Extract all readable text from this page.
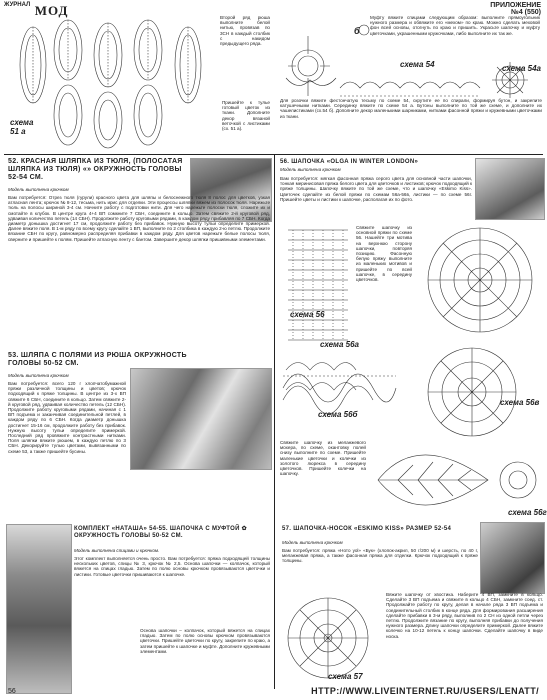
$^{ЖУРНАЛ}$ МОД	ПРИЛОЖЕНИЕ
№4 (550)
схема 51 а
Второй ряд рюша выполните белой нитью, провязав по 3СН в каждый столбик с накидом предыдущего ряда.
Пришейте к тулье готовый цветок из ткани. Дополните декор вязаной веточкой с листиками (сх. 51 а).
Муфту вяжите спицами следующим образом: выполните прямоугольник нужного размера и обвяжите его «мехом» по краю. Можно сделать меховой фон всей основы, отогнуть по краю и пришить. Украсьте шапочку и муфту цветочками, украшенными кружочками, либо выполните их так же.
б
схема 54	схема 54а
Для розочки вяжите фестончатую тесьму по схеме 54, скрутите ее по спирали, формируя бутон, и закрепите катушечными нитками. Серединку вяжите по схеме 54 а. Бутоны выполните по той же схеме, и дополните их чашелистиками (сх.54 б). Дополните декор маленькими шарниками, нитками фасонной пряжи и кружевными цветочками из ткани.
52. КРАСНАЯ ШЛЯПКА ИЗ ТЮЛЯ, (ПОЛОСАТАЯ ШЛЯПКА ИЗ ТЮЛЯ) «» ОКРУЖНОСТЬ ГОЛОВЫ 52-54 СМ.
Модель выполнена крючком
Вам потребуется: Отрез тюля (гурули) красного цвета для шляпы и белоснежного тюля 8 полос для цветков, узкая атласная лента; крючок № 8-12, тесьма, нить ирис для отделки. Эти процессы шляпки вяжем из полосок тюля. Нарежьте тюль на полосы шириной 3-4 см. Начните работу с подготовки нити. Для чего нарежьте полоски тюля, сложите их и смотайте в клубок. В центре круга 4+4 ВП сомкните 7 СБН, соедините в кольцо. Затем свяжите 2-й круговой ряд, удваивая количество петель (14 СБН). Продолжите работу круговыми рядами, в каждом ряду прибавляя по 7 СБН. Когда диаметр донышка достигнет 17 см, продолжите работу без прибавок. Нужную высоту тульи определите примеркой. Далее вяжите поля. В 1-м ряду по всему кругу сделайте 1 ВП, выполните по 2 столбика в каждую 2-ю петлю. Продолжите вязание СБН по кругу, равномерно распределяя прибавки в каждом ряду. Для цветов нарежьте белые полосы тюля, сверните и пришейте к полям. Пришейте атласную ленту с бантом. Завершите декор шляпки пришивными элементами.
53. ШЛЯПА С ПОЛЯМИ ИЗ РЮША ОКРУЖНОСТЬ ГОЛОВЫ 50-52 СМ.
Модель выполнена крючком
Вам потребуется: всего 120 г хлопчатобумажной пряжи различной толщины и цветов; крючок подходящий к пряже толщины. В центре из 3-х ВП свяжите 6 СБН, соедините в кольцо. Затем свяжите 2-й круговой ряд, удваивая количество петель (12 СБН). Продолжите работу круговыми рядами, начиная с 1 ВП подъема и заканчивая соединительной петлей, в каждом ряду по 6 СБН. Когда диаметр донышка достигнет 15-16 см, продолжите работу без прибавок. Нужную высоту тульи определите примеркой. Последний ряд провяжите контрастными нитками. Поля шляпки вяжите рюшем, в каждую петлю по 3 СБН. Декорируйте тулью цветами, вывязанными по схеме 53, а также пришейте бусины.
КОМПЛЕКТ «НАТАША» 54-55. ШАПОЧКА С МУФТОЙ ✿ ОКРУЖНОСТЬ ГОЛОВЫ 50-52 СМ.
Модель выполнена спицами и крючком.
Этот комплект выполняется очень просто. Вам потребуется: пряжа подходящей толщины нескольких цветов, спицы № 3, крючок № 2,5. Основа шапочки — колпачок, который вяжется на спицах гладью. Затем по полю основы крючком провязываются цветочки и листики. Готовые цветочки пришиваются к шапочке.
Основа шапочки – колпачок, который вяжется на спицах гладью. Затем по полю основы крючком провязываются цветочки. Пришейте цветочки по кругу, закрепите по краю, а затем пришейте к шапочке и муфте. Дополните кружевными элементами.
56. ШАПОЧКА «OLGA IN WINTER LONDON»
Модель выполнена крючком
Вам потребуется: мягкая фасонная пряжа серого цвета для основной части шапочки, тонкая меринисовая пряжа белого цвета для цветочков и листиков; крючок подходящий к пряже толщины. Шапочку вяжите по той же схеме, что и шапочку «Eskimo Kiss». Цветочек сделайте из белой пряжи по схемам 56а-56в, листики — по схеме 56г. Пришейте цветы и листики к шапочке, располагая их по фото.
схема 56
Свяжите шапочку из основной пряжи по схеме 56. Нашейте три мотива на верхнюю сторону шапочки, повторяя позицию. Фасонную белую пряжу выполните из маленьких мотивов и пришейте по всей шапочке, в середину цветочков.
схема 56а
схема 56б
схема 56в
Свяжите шапочку из меланжевого мохера, по схеме, окантовку полей снизу выполните по схеме. Пришейте маленькие цветочки и колечки из золотого люрекса в середину цветочков. Пришейте колечки на шапочку.
схема 56г
57. ШАПОЧКА-НОСОК «ESKIMO KISS» РАЗМЕР 52-54
Модель выполнена крючком
Вам потребуется: пряжа «Ното уоl» «Бук» (хлопок-акрил, 50 г/200 м) и шерсть, по 40 г, меланжевая пряжа, а также фасонная пряжа для отделки. Крючок подходящий к пряже толщины.
схема 57
Вяжите шапочку от хвостика. Наберите 4 ВП, замкните в кольцо. Сделайте 3 ВП подъема и свяжите в кольцо 4 СБН, замкните соед. ст. Продолжайте работу по кругу, делая в начале ряда 3 ВП подъема и соединительный столбик в конце ряда. Для формирования расширения сделайте прибавки в 3-м ряду, выполнив по 2 СН из одной петли через петлю. Продолжите вязание по кругу, выполняя прибавки до получения нужного размера. Длину шапочки определите примеркой. Далее вяжите колечко на 10-12 петель к концу шапочки. Сделайте шапочку в виде носка.
56	HTTP://WWW.LIVEINTERNET.RU/USERS/LENATT/
